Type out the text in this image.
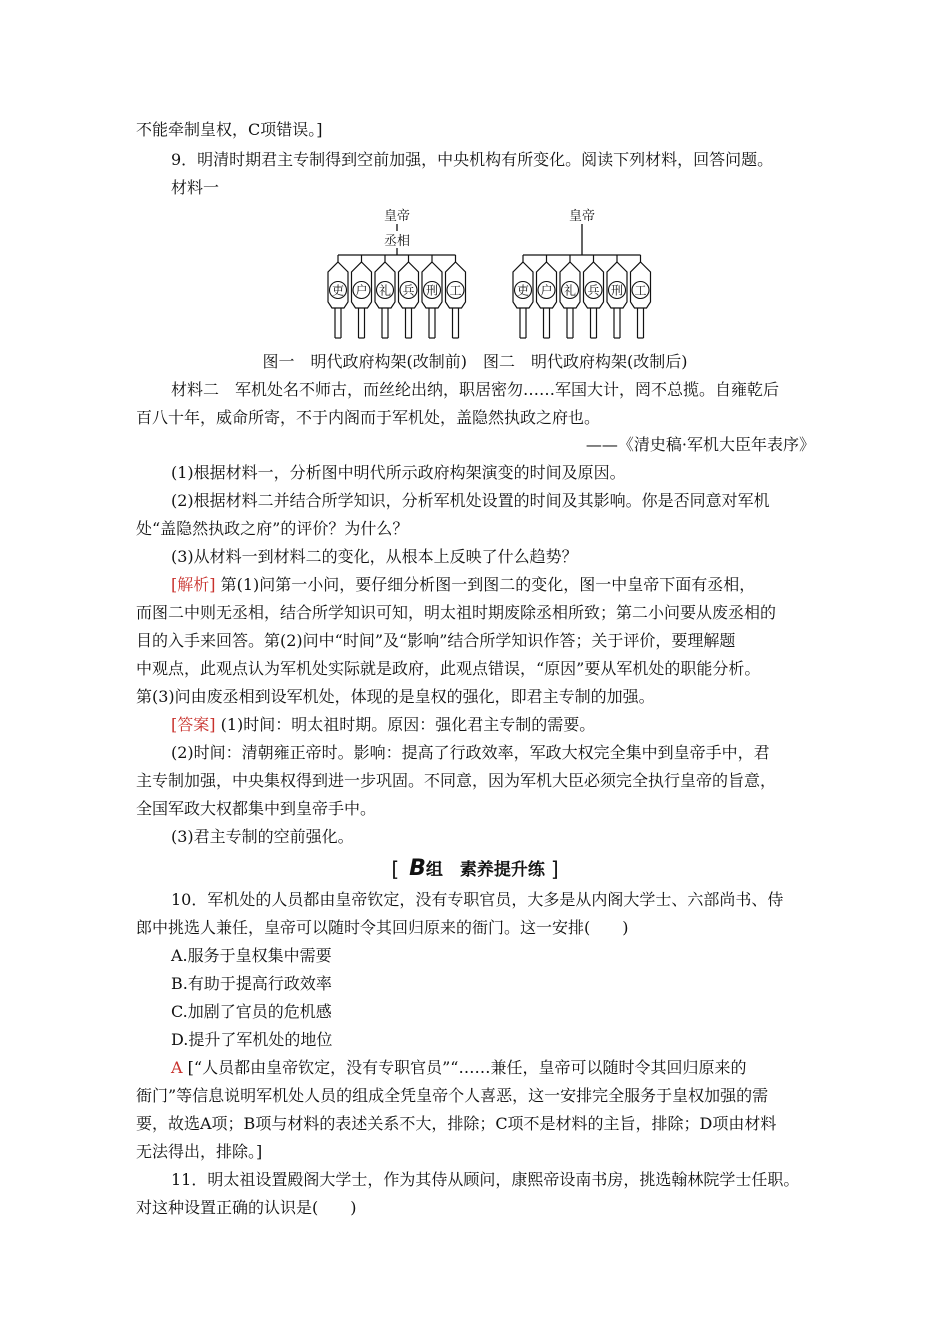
不能牵制皇权，C项错误。]
9．明清时期君主专制得到空前加强，中央机构有所变化。阅读下列材料，回答问题。
材料一
皇帝
丞相
吏 户 礼 兵 刑 工
皇帝
吏 户 礼 兵 刑 工
图一　明代政府构架(改制前)　图二　明代政府构架(改制后)
材料二　军机处名不师古，而丝纶出纳，职居密勿……军国大计，罔不总揽。自雍乾后
百八十年，威命所寄，不于内阁而于军机处，盖隐然执政之府也。
——《清史稿·军机大臣年表序》
(1)根据材料一，分析图中明代所示政府构架演变的时间及原因。
(2)根据材料二并结合所学知识，分析军机处设置的时间及其影响。你是否同意对军机
处“盖隐然执政之府”的评价？为什么？
(3)从材料一到材料二的变化，从根本上反映了什么趋势？
[解析] 第(1)问第一小问，要仔细分析图一到图二的变化，图一中皇帝下面有丞相，
而图二中则无丞相，结合所学知识可知，明太祖时期废除丞相所致；第二小问要从废丞相的
目的入手来回答。第(2)问中“时间”及“影响”结合所学知识作答；关于评价，要理解题
中观点，此观点认为军机处实际就是政府，此观点错误，“原因”要从军机处的职能分析。
第(3)问由废丞相到设军机处，体现的是皇权的强化，即君主专制的加强。
[答案] (1)时间：明太祖时期。原因：强化君主专制的需要。
(2)时间：清朝雍正帝时。影响：提高了行政效率，军政大权完全集中到皇帝手中，君
主专制加强，中央集权得到进一步巩固。不同意，因为军机大臣必须完全执行皇帝的旨意，
全国军政大权都集中到皇帝手中。
(3)君主专制的空前强化。
[ B组　素养提升练 ]
10．军机处的人员都由皇帝钦定，没有专职官员，大多是从内阁大学士、六部尚书、侍
郎中挑选人兼任，皇帝可以随时令其回归原来的衙门。这一安排(　　)
A.服务于皇权集中需要
B.有助于提高行政效率
C.加剧了官员的危机感
D.提升了军机处的地位
A [“人员都由皇帝钦定，没有专职官员”“……兼任，皇帝可以随时令其回归原来的
衙门”等信息说明军机处人员的组成全凭皇帝个人喜恶，这一安排完全服务于皇权加强的需
要，故选A项；B项与材料的表述关系不大，排除；C项不是材料的主旨，排除；D项由材料
无法得出，排除。]
11．明太祖设置殿阁大学士，作为其侍从顾问，康熙帝设南书房，挑选翰林院学士任职。
对这种设置正确的认识是(　　)
